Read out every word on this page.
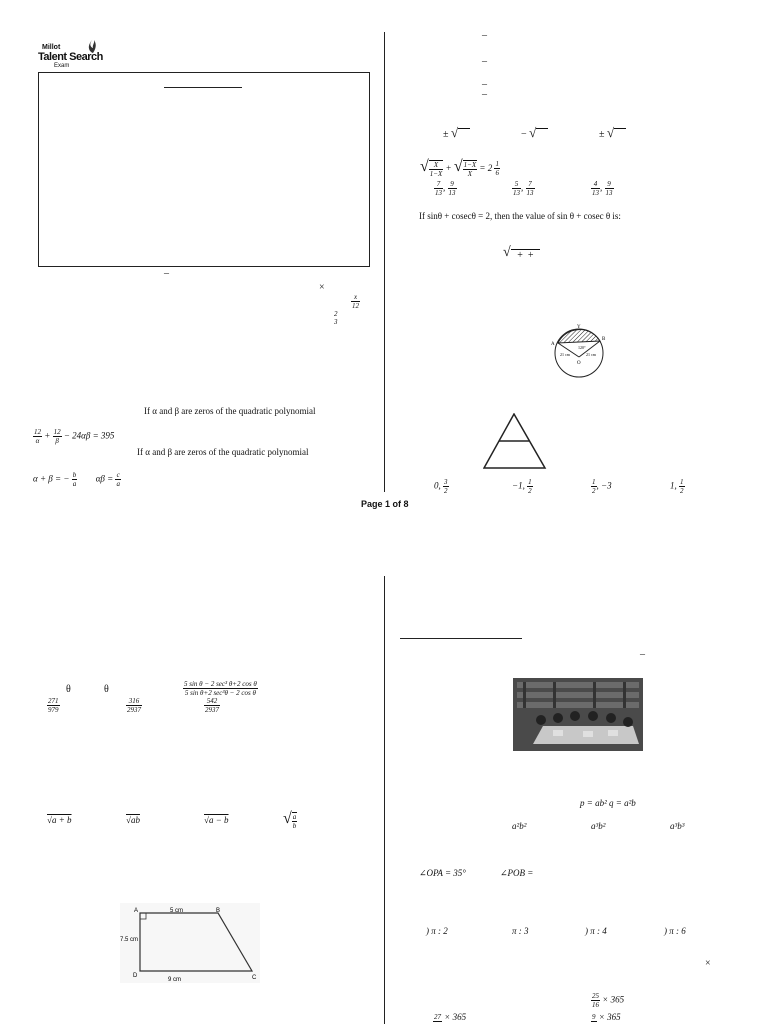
Millot
Talent Search
Exam
–
×
$\frac{x}{12}$
2
3
If α and β are zeros of the quadratic polynomial
$\frac{12}{\alpha} + \frac{12}{\beta} - 24\alpha\beta = 395$
If α and β are zeros of the quadratic polynomial
α + β = − $\frac{b}{a}$ $\alpha\beta = \frac{c}{a}$
–
–
–
–
± √	− √	± √
√ $\frac{X}{1-X}$ + √ $\frac{1-X}{X} = 2 \frac{1}{6}$
$\frac{7}{13}$ , $\frac{9}{13}$	$\frac{5}{13}$ , $\frac{7}{13}$	$\frac{4}{13}$ , $\frac{9}{13}$
If sinθ + cosecθ = 2, then the value of sin θ + cosec θ is:
√ +  +
A
B
O
Y
120°
21 cm	21 cm
0, $\frac{3}{2}$	−1, $\frac{1}{2}$	$\frac{1}{2}$ , −3	1, $\frac{1}{2}$
Page 1 of 8
θ	θ	$\frac{\text{5 sin θ − 2 sec³ θ+2 cos θ}}{\text{5 sin θ+2 sec³θ − 2 cos θ}}$
$\frac{271}{979}$	$\frac{316}{2937}$	$\frac{542}{2937}$
√a + b	√ab	√a − b	√ $\frac{a}{b}$
A	B
C
D
5 cm
7.5 cm
9 cm
–
p = ab² q = a²b
a²b²	a³b²	a³b³
∠OPA = 35°	∠POB =
) π : 2	π : 3	) π : 4	) π : 6
×
$\frac{25}{16} \times 365$
9 × 365
27 × 365
